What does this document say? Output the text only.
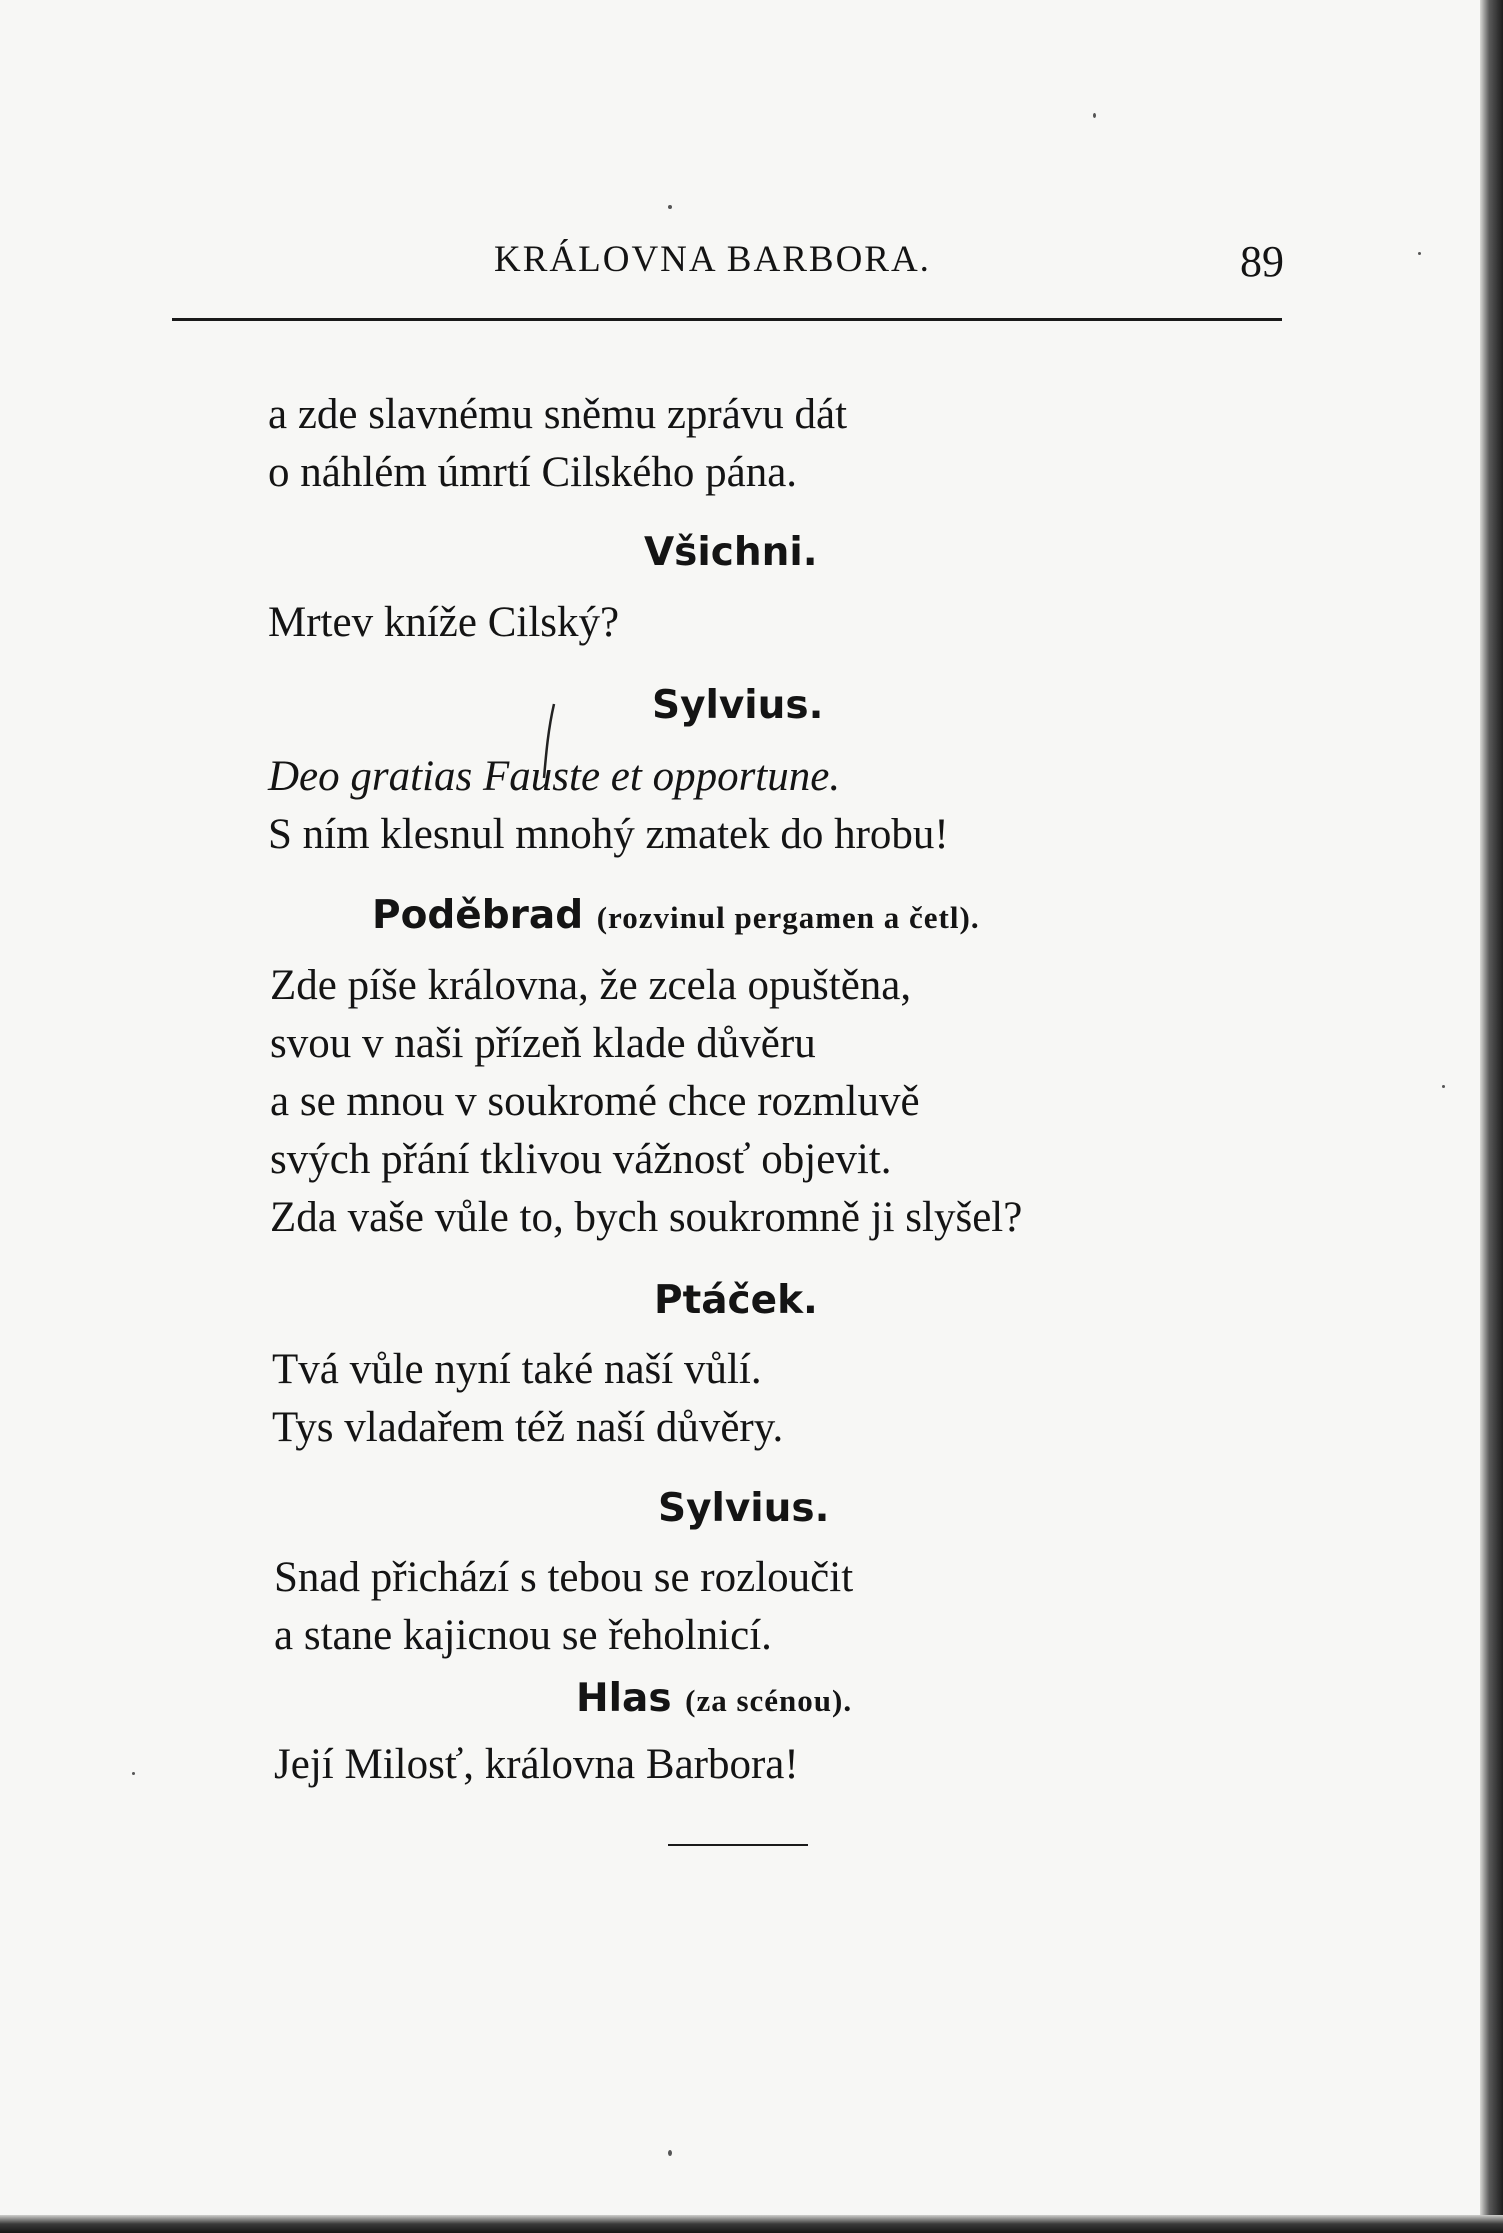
KRÁLOVNA BARBORA.	89
a zde slavnému sněmu zprávu dát
o náhlém úmrtí Cilského pána.
Všichni.
Mrtev kníže Cilský?
Sylvius.
Deo gratias Fauste et opportune.
S ním klesnul mnohý zmatek do hrobu!
Poděbrad (rozvinul pergamen a četl).
Zde píše královna, že zcela opuštěna,
svou v naši přízeň klade důvěru
a se mnou v soukromé chce rozmluvě
svých přání tklivou vážnosť objevit.
Zda vaše vůle to, bych soukromně ji slyšel?
Ptáček.
Tvá vůle nyní také naší vůlí.
Tys vladařem též naší důvěry.
Sylvius.
Snad přichází s tebou se rozloučit
a stane kajicnou se řeholnicí.
Hlas (za scénou).
Její Milosť, královna Barbora!
